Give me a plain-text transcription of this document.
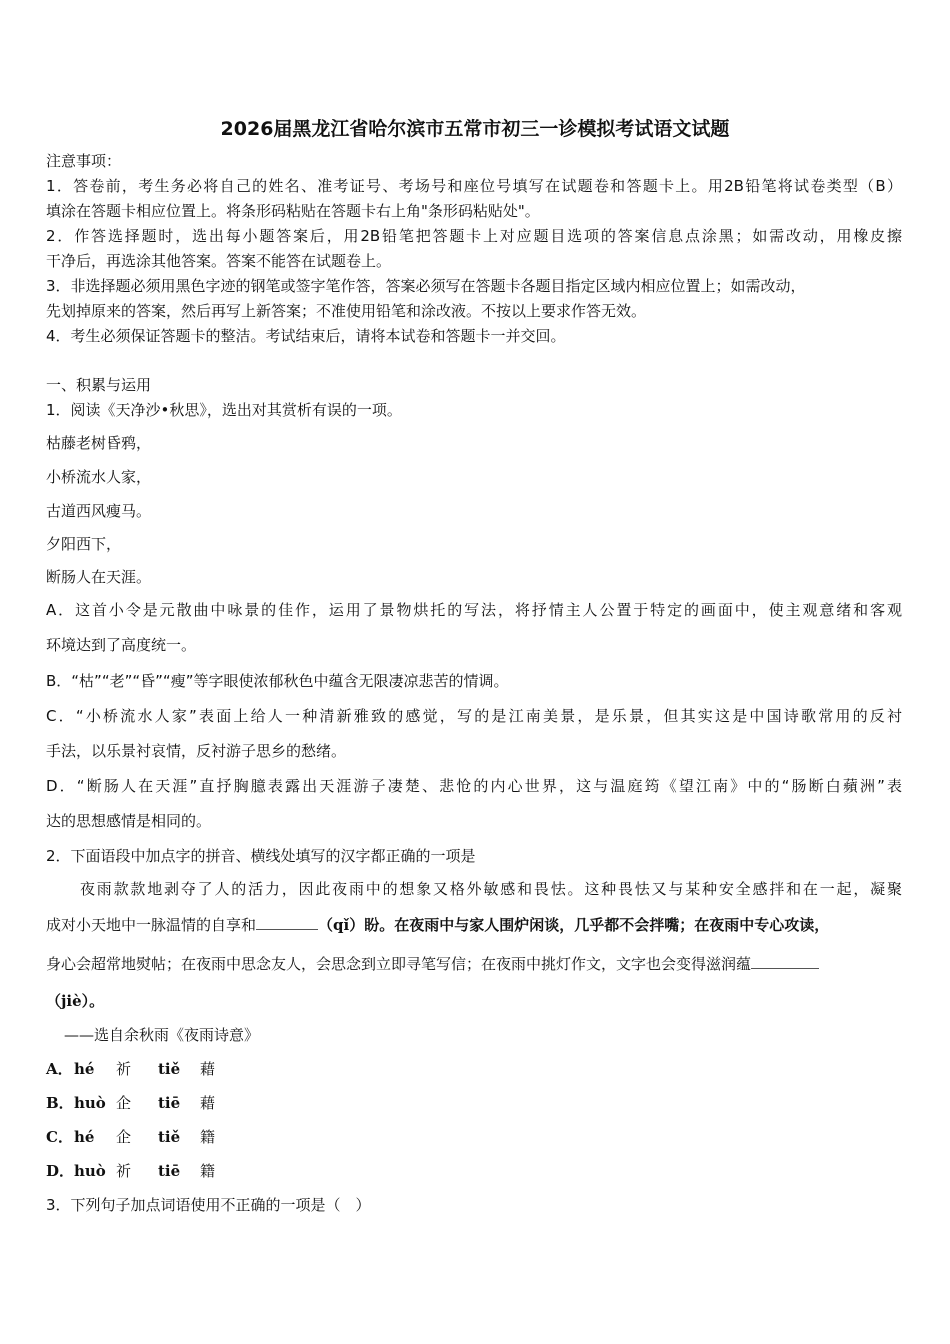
2026届黑龙江省哈尔滨市五常市初三一诊模拟考试语文试题
注意事项：
1．答卷前，考生务必将自己的姓名、准考证号、考场号和座位号填写在试题卷和答题卡上。用2B铅笔将试卷类型（B）
填涂在答题卡相应位置上。将条形码粘贴在答题卡右上角"条形码粘贴处"。
2．作答选择题时，选出每小题答案后，用2B铅笔把答题卡上对应题目选项的答案信息点涂黑；如需改动，用橡皮擦
干净后，再选涂其他答案。答案不能答在试题卷上。
3．非选择题必须用黑色字迹的钢笔或签字笔作答，答案必须写在答题卡各题目指定区域内相应位置上；如需改动，
先划掉原来的答案，然后再写上新答案；不准使用铅笔和涂改液。不按以上要求作答无效。
4．考生必须保证答题卡的整洁。考试结束后，请将本试卷和答题卡一并交回。
一、积累与运用
1．阅读《天净沙•秋思》，选出对其赏析有误的一项。
枯藤老树昏鸦，
小桥流水人家，
古道西风瘦马。
夕阳西下，
断肠人在天涯。
A．这首小令是元散曲中咏景的佳作，运用了景物烘托的写法，将抒情主人公置于特定的画面中，使主观意绪和客观
环境达到了高度统一。
B．“枯”“老”“昏”“瘦”等字眼使浓郁秋色中蕴含无限凄凉悲苦的情调。
C．“小桥流水人家”表面上给人一种清新雅致的感觉，写的是江南美景，是乐景，但其实这是中国诗歌常用的反衬
手法，以乐景衬哀情，反衬游子思乡的愁绪。
D．“断肠人在天涯”直抒胸臆表露出天涯游子凄楚、悲怆的内心世界，这与温庭筠《望江南》中的“肠断白蘋洲”表
达的思想感情是相同的。
2．下面语段中加点字的拼音、横线处填写的汉字都正确的一项是
夜雨款款地剥夺了人的活力，因此夜雨中的想象又格外敏感和畏怯。这种畏怯又与某种安全感拌和在一起，凝聚
成对小天地中一脉温情的自享和	（qǐ）盼。在夜雨中与家人围炉闲谈，几乎都不会拌嘴；在夜雨中专心攻读，
身心会超常地熨帖；在夜雨中思念友人，会思念到立即寻笔写信；在夜雨中挑灯作文，文字也会变得滋润蕴
（jiè）。
——选自余秋雨《夜雨诗意》
A．hé 祈 tiě 藉
B．huò 企 tiē 藉
C．hé 企 tiě 籍
D．huò 祈 tiē 籍
3．下列句子加点词语使用不正确的一项是（　）
